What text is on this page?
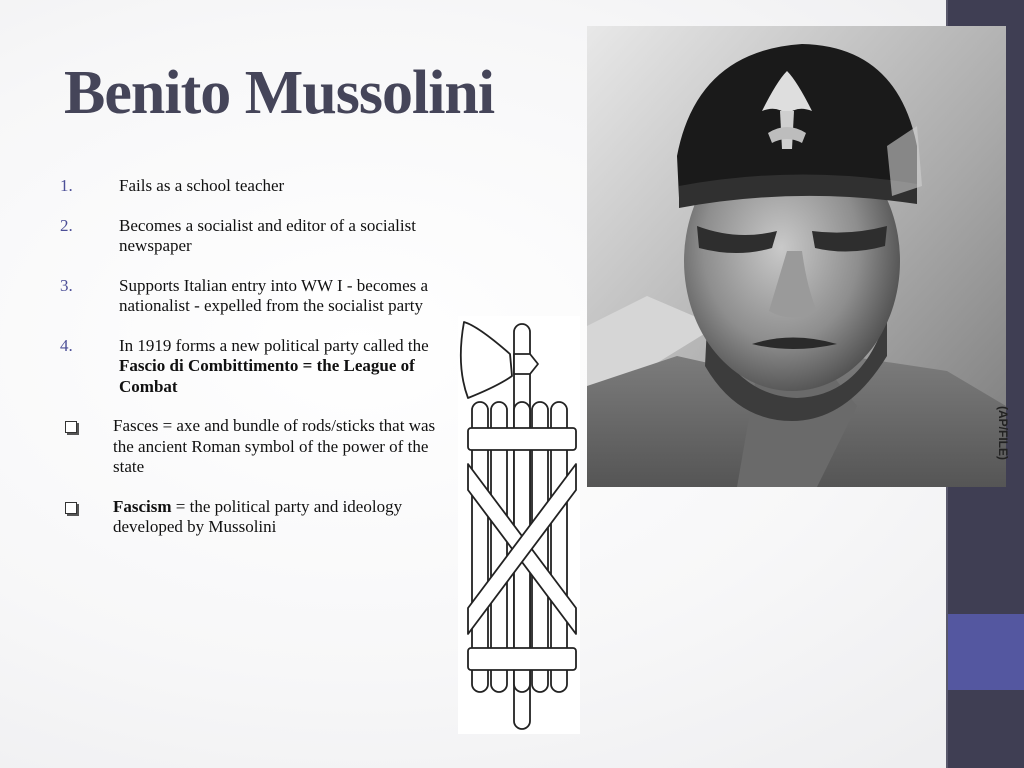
Benito Mussolini
1.	Fails as a school teacher
2.	Becomes a socialist and editor of a socialist newspaper
3.	Supports Italian entry into WW I - becomes a nationalist - expelled from the socialist party
4.	In 1919 forms a new political party called the Fascio di Combittimento = the League of Combat
Fasces = axe and bundle of rods/sticks that was the ancient Roman symbol of the power of the state
Fascism = the political party and ideology developed by Mussolini
(AP/FILE)
